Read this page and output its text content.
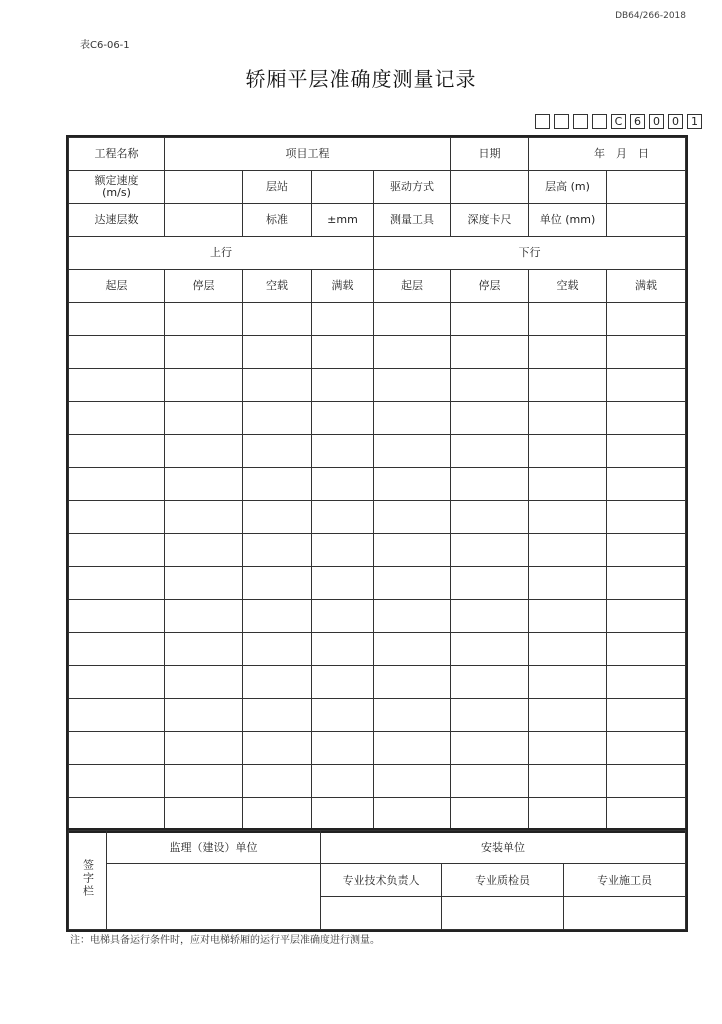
DB64/266-2018
表C6-06-1
轿厢平层准确度测量记录
C	6	0	0	1
工程名称	项目工程				日期	年　月　日	

额定速度
(m/s)		层站		驱动方式		层高 (m)	
达速层数		标准	±mm	测量工具	深度卡尺	单位 (mm)	
上行				下行			
起层	停层	空载	满载	起层	停层	空载	满载

签字栏	监理（建设）单位	安装单位		
		专业技术负责人	专业质检员	专业施工员

注：电梯具备运行条件时，应对电梯轿厢的运行平层准确度进行测量。
